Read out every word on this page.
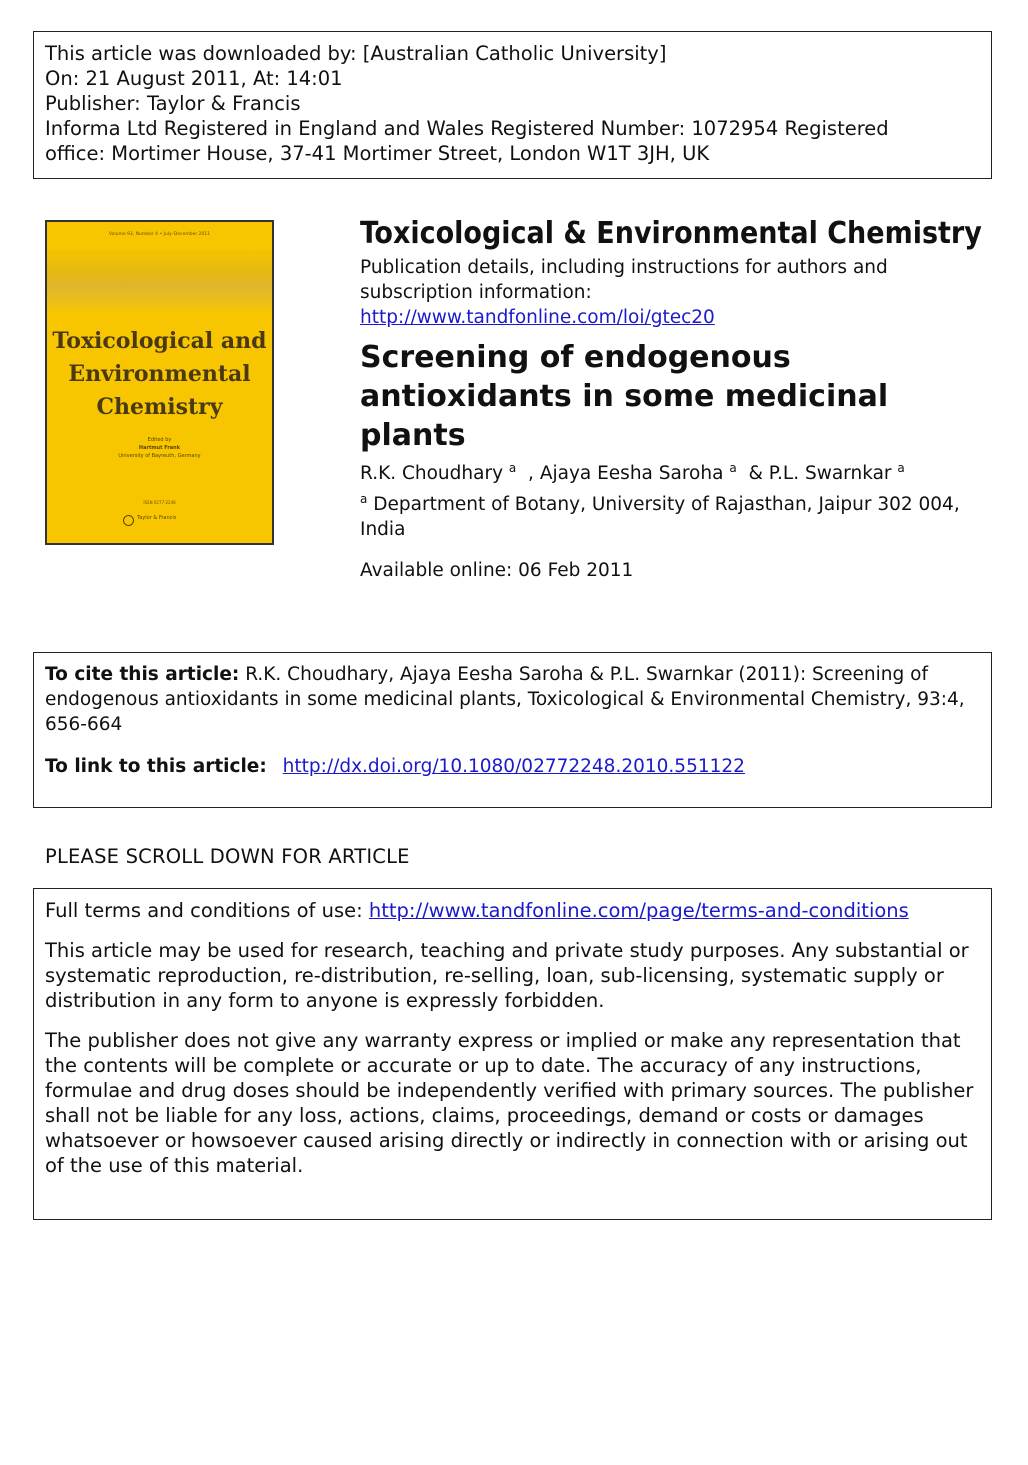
This article was downloaded by: [Australian Catholic University]
On: 21 August 2011, At: 14:01
Publisher: Taylor & Francis
Informa Ltd Registered in England and Wales Registered Number: 1072954 Registered
office: Mortimer House, 37-41 Mortimer Street, London W1T 3JH, UK
Volume 93, Number 4 • July–December 2011
Toxicological and
Environmental
Chemistry
Edited by
Hartmut Frank
University of Bayreuth, Germany
ISSN 0277-2248
Taylor & Francis
Toxicological & Environmental Chemistry
Publication details, including instructions for authors and subscription information:
http://www.tandfonline.com/loi/gtec20
Screening of endogenous antioxidants in some medicinal plants
R.K. Choudhary $^a$  , Ajaya Eesha Saroha $^a$  & P.L. Swarnkar $^a$
$^a$ Department of Botany, University of Rajasthan, Jaipur 302 004, India
Available online: 06 Feb 2011
To cite this article: R.K. Choudhary, Ajaya Eesha Saroha & P.L. Swarnkar (2011): Screening of endogenous antioxidants in some medicinal plants, Toxicological & Environmental Chemistry, 93:4, 656-664
To link to this article: http://dx.doi.org/10.1080/02772248.2010.551122
PLEASE SCROLL DOWN FOR ARTICLE

Full terms and conditions of use: http://www.tandfonline.com/page/terms-and-conditions

This article may be used for research, teaching and private study purposes. Any substantial or systematic reproduction, re-distribution, re-selling, loan, sub-licensing, systematic supply or distribution in any form to anyone is expressly forbidden.

The publisher does not give any warranty express or implied or make any representation that the contents will be complete or accurate or up to date. The accuracy of any instructions, formulae and drug doses should be independently verified with primary sources. The publisher shall not be liable for any loss, actions, claims, proceedings, demand or costs or damages whatsoever or howsoever caused arising directly or indirectly in connection with or arising out of the use of this material.
